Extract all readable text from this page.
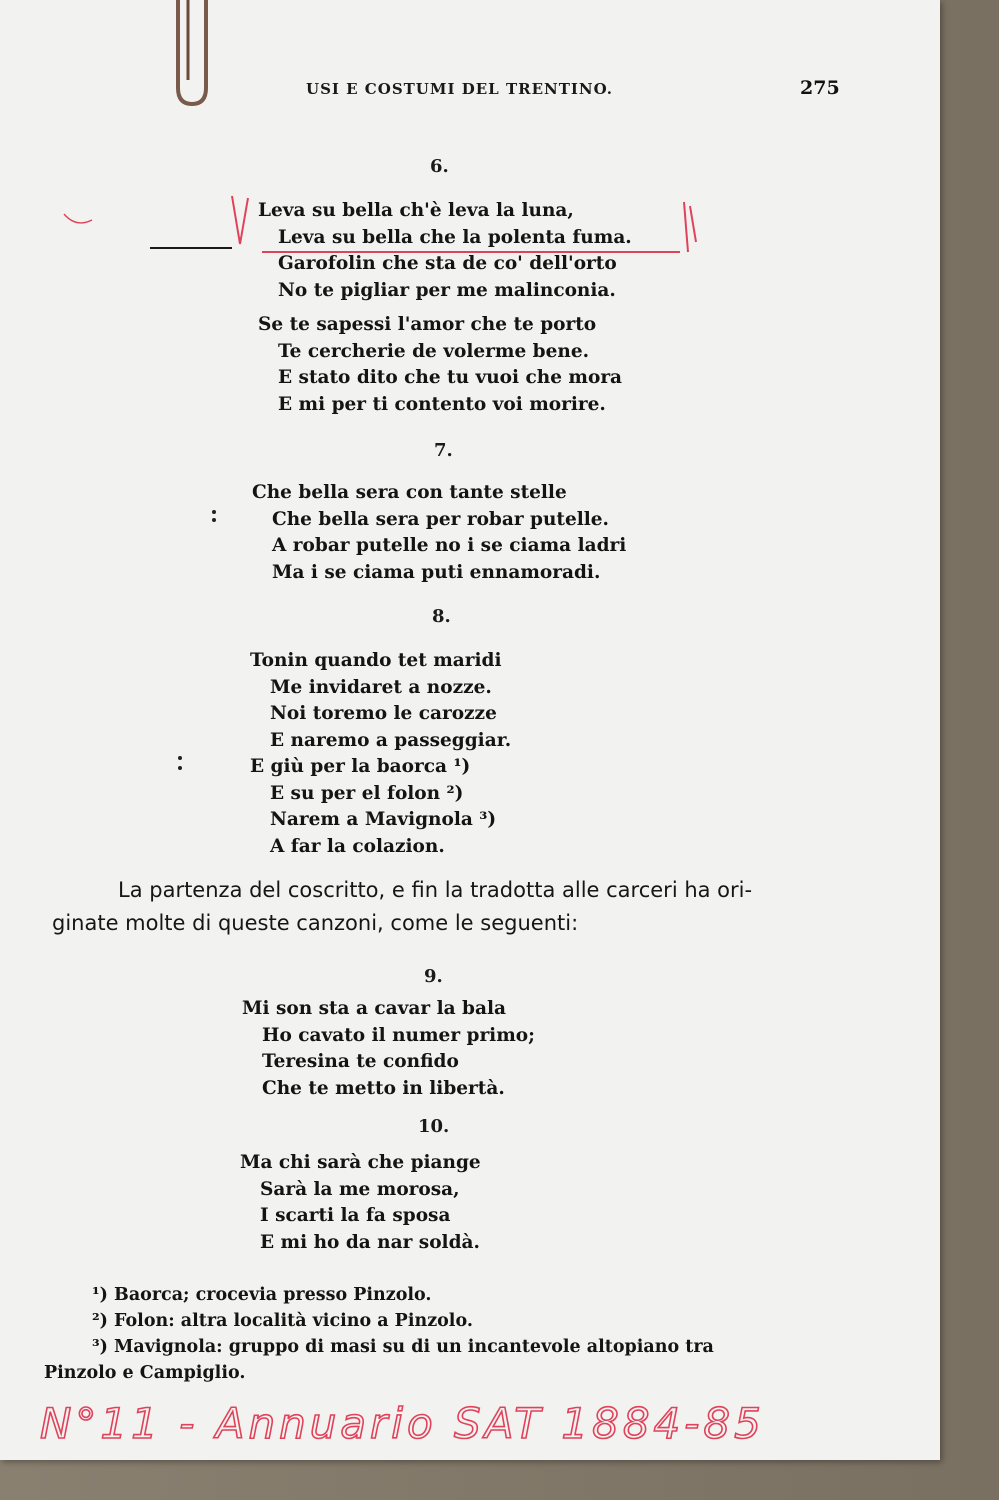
USI E COSTUMI DEL TRENTINO.	275
6.
Leva su bella ch'è leva la luna,
Leva su bella che la polenta fuma.
Garofolin che sta de co' dell'orto
No te pigliar per me malinconia.
Se te sapessi l'amor che te porto
Te cercherie de volerme bene.
E stato dito che tu vuoi che mora
E mi per ti contento voi morire.
7.
Che bella sera con tante stelle
Che bella sera per robar putelle.
A robar putelle no i se ciama ladri
Ma i se ciama puti ennamoradi.
8.
Tonin quando tet maridi
Me invidaret a nozze.
Noi toremo le carozze
E naremo a passeggiar.
E giù per la baorca ¹)
E su per el folon ²)
Narem a Mavignola ³)
A far la colazion.
La partenza del coscritto, e fin la tradotta alle carceri ha ori-
ginate molte di queste canzoni, come le seguenti:
9.
Mi son sta a cavar la bala
Ho cavato il numer primo;
Teresina te confido
Che te metto in libertà.
10.
Ma chi sarà che piange
Sarà la me morosa,
I scarti la fa sposa
E mi ho da nar soldà.
¹) Baorca; crocevia presso Pinzolo.
²) Folon: altra località vicino a Pinzolo.
³) Mavignola: gruppo di masi su di un incantevole altopiano tra
Pinzolo e Campiglio.
N°11 - Annuario SAT 1884-85
